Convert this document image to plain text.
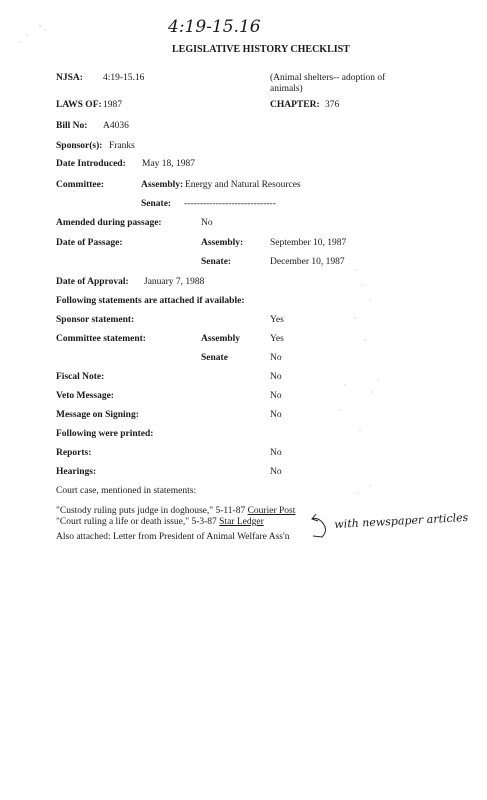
4:19-15.16
LEGISLATIVE HISTORY CHECKLIST
NJSA: 4:19-15.16	(Animal shelters-- adoption of
animals)
LAWS OF: 1987	CHAPTER: 376
Bill No: A4036
Sponsor(s): Franks
Date Introduced: May 18, 1987
Committee:	Assembly: Energy and Natural Resources
Senate: -----------------------------
Amended during passage:	No
Date of Passage:	Assembly:	September 10, 1987
Senate:	December 10, 1987
Date of Approval: January 7, 1988
Following statements are attached if available:
Sponsor statement:	Yes
Committee statement:	Assembly	Yes
Senate	No
Fiscal Note:	No
Veto Message:	No
Message on Signing:	No
Following were printed:
Reports:	No
Hearings:	No
Court case, mentioned in statements:
"Custody ruling puts judge in doghouse," 5-11-87 Courier Post
"Court ruling a life or death issue," 5-3-87 Star Ledger
Also attached: Letter from President of Animal Welfare Ass'n
with newspaper articles
